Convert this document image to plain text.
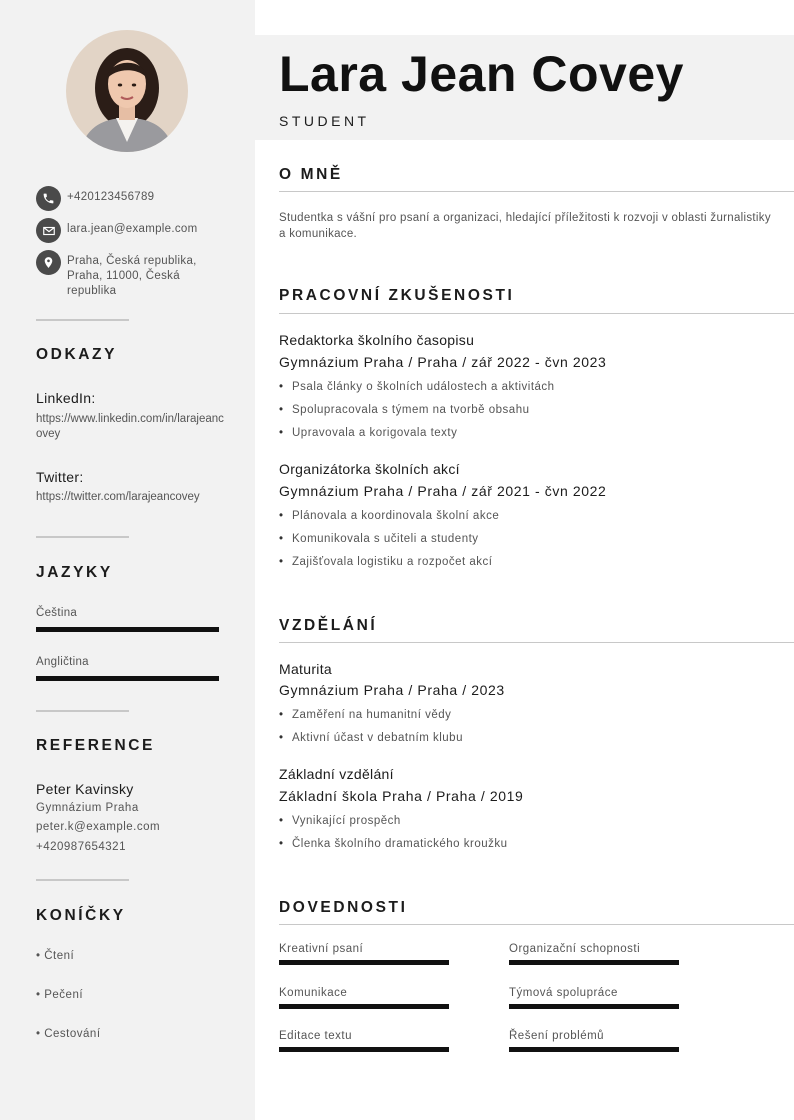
+420123456789
lara.jean@example.com
Praha, Česká republika, Praha, 11000, Česká republika
ODKAZY
LinkedIn:
https://www.linkedin.com/in/larajeancovey
Twitter:
https://twitter.com/larajeancovey
JAZYKY
Čeština
Angličtina
REFERENCE
Peter Kavinsky
Gymnázium Praha
peter.k@example.com
+420987654321
KONÍČKY
• Čtení
• Pečení
• Cestování
Lara Jean Covey
STUDENT
O MNĚ
Studentka s vášní pro psaní a organizaci, hledající příležitosti k rozvoji v oblasti žurnalistiky a komunikace.
PRACOVNÍ ZKUŠENOSTI
Redaktorka školního časopisu
Gymnázium Praha / Praha / zář 2022 - čvn 2023
• Psala články o školních událostech a aktivitách
• Spolupracovala s týmem na tvorbě obsahu
• Upravovala a korigovala texty
Organizátorka školních akcí
Gymnázium Praha / Praha / zář 2021 - čvn 2022
• Plánovala a koordinovala školní akce
• Komunikovala s učiteli a studenty
• Zajišťovala logistiku a rozpočet akcí
VZDĚLÁNÍ
Maturita
Gymnázium Praha / Praha / 2023
• Zaměření na humanitní vědy
• Aktivní účast v debatním klubu
Základní vzdělání
Základní škola Praha / Praha / 2019
• Vynikající prospěch
• Členka školního dramatického kroužku
DOVEDNOSTI
Kreativní psaní	Organizační schopnosti
Komunikace	Týmová spolupráce
Editace textu	Řešení problémů
